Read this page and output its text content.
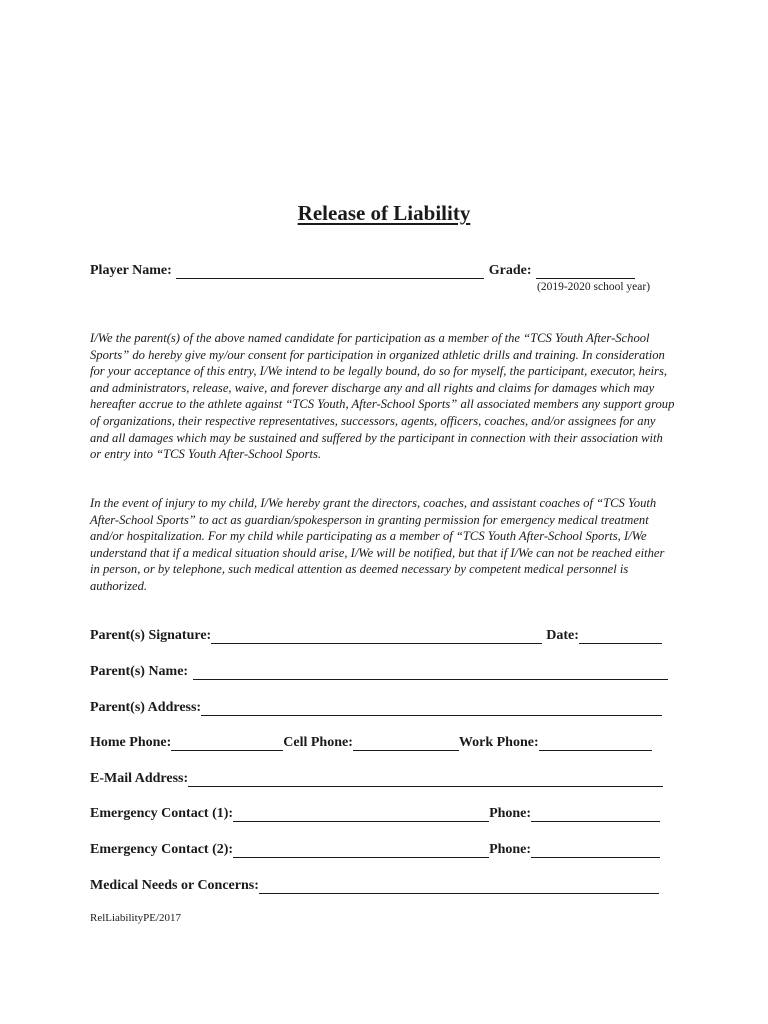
Release of Liability
Player Name:	Grade:
(2019-2020 school year)

I/We the parent(s) of the above named candidate for participation as a member of the “TCS Youth After-School Sports” do hereby give my/our consent for participation in organized athletic drills and training. In consideration for your acceptance of this entry, I/We intend to be legally bound, do so for myself, the participant, executor, heirs, and administrators, release, waive, and forever discharge any and all rights and claims for damages which may hereafter accrue to the athlete against “TCS Youth, After-School Sports” all associated members any support group of organizations, their respective representatives, successors, agents, officers, coaches, and/or assignees for any and all damages which may be sustained and suffered by the participant in connection with their association with or entry into “TCS Youth After-School Sports.

In the event of injury to my child, I/We hereby grant the directors, coaches, and assistant coaches of “TCS Youth After-School Sports” to act as guardian/spokesperson in granting permission for emergency medical treatment and/or hospitalization. For my child while participating as a member of “TCS Youth After-School Sports, I/We understand that if a medical situation should arise, I/We will be notified, but that if I/We can not be reached either in person, or by telephone, such medical attention as deemed necessary by competent medical personnel is authorized.

Parent(s) Signature:	Date:
Parent(s) Name:
Parent(s) Address:
Home Phone:	Cell Phone:	Work Phone:
E-Mail Address:
Emergency Contact (1):	Phone:
Emergency Contact (2):	Phone:
Medical Needs or Concerns:
RelLiabilityPE/2017
